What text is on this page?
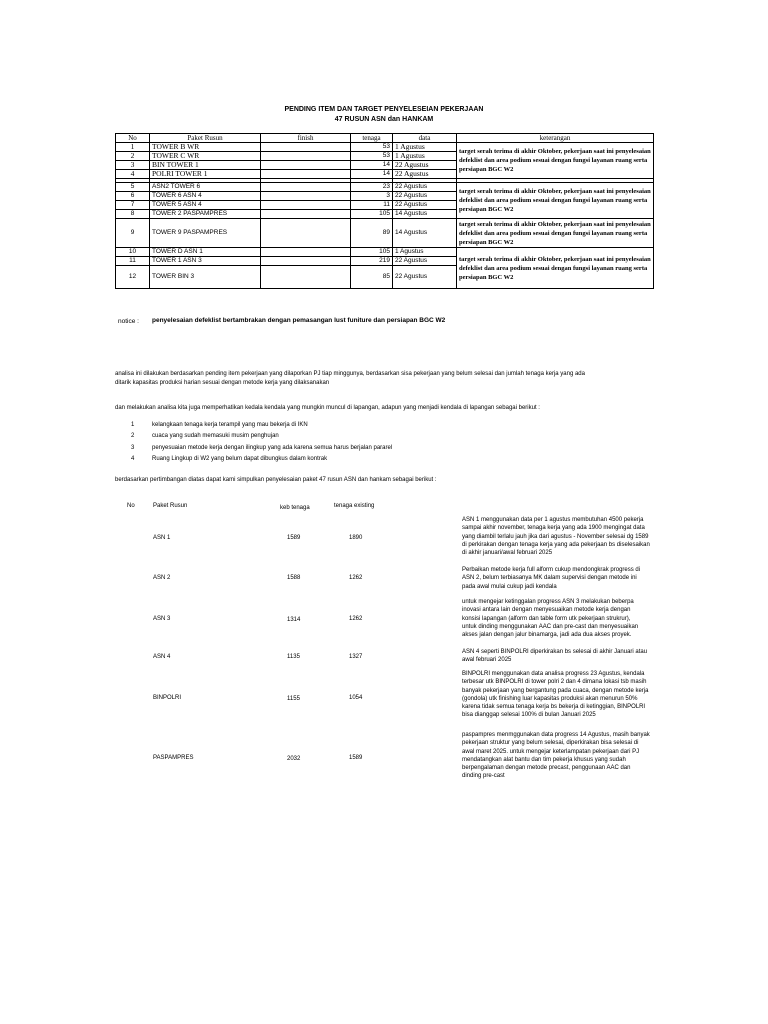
PENDING ITEM DAN TARGET PENYELESEIAN PEKERJAAN
47 RUSUN ASN dan HANKAM
No	Paket Rusun	finish	tenaga	data	keterangan
1	TOWER B WR		53	1 Agustus	target serah terima di akhir Oktober, pekerjaan saat ini penyelesaian defeklist dan area podium sesuai dengan fungsi layanan ruang serta persiapan BGC W2
2	TOWER C WR		53	1 Agustus	
3	BIN TOWER 1		14	22 Agustus	
4	POLRI TOWER 1		14	22 Agustus	

5	ASN2 TOWER 6		23	22 Agustus	target serah terima di akhir Oktober, pekerjaan saat ini penyelesaian defeklist dan area podium sesuai dengan fungsi layanan ruang serta persiapan BGC W2
6	TOWER 6 ASN 4		3	22 Agustus	
7	TOWER 5 ASN 4		11	22 Agustus	
8	TOWER 2 PASPAMPRES		105	14 Agustus	
9	TOWER 9 PASPAMPRES		89	14 Agustus	target serah terima di akhir Oktober, pekerjaan saat ini penyelesaian defeklist dan area podium sesuai dengan fungsi layanan ruang serta persiapan BGC W2
10	TOWER D ASN 1		105	1 Agustus	target serah terima di akhir Oktober, pekerjaan saat ini penyelesaian defeklist dan area podium sesuai dengan fungsi layanan ruang serta persiapan BGC W2
11	TOWER 1 ASN 3		219	22 Agustus	
12	TOWER BIN 3		85	22 Agustus	
notice : penyelesaian defeklist bertambrakan dengan pemasangan lust funiture dan persiapan BGC W2
analisa ini dilakukan berdasarkan pending item pekerjaan yang dilaporkan PJ tiap minggunya, berdasarkan sisa pekerjaan yang belum selesai dan jumlah tenaga kerja yang ada
ditarik kapasitas produksi harian sesuai dengan metode kerja yang dilaksanakan
dan melakukan analisa kita juga memperhatikan kedala kendala yang mungkin muncul di lapangan, adapun yang menjadi kendala di lapangan sebagai berikut :
1	kelangkaan tenaga kerja terampil yang mau bekerja di IKN
2	cuaca yang sudah memasuki musim penghujan
3	penyesuaian metode kerja dengan ilingkup yang ada karena semua harus berjalan pararel
4	Ruang Lingkup di W2 yang belum dapat dibungkus dalam kontrak
berdasarkan pertimbangan diatas dapat kami simpulkan penyelesaian paket 47 rusun ASN dan hankam sebagai berikut :
No	Paket Rusun	keb tenaga	tenaga existing
ASN 1	1589	1890
ASN 1 menggunakan data per 1 agustus membutuhan 4500 pekerja
sampai akhir november, tenaga kerja yang ada 1900 mengingat data
yang diambil terlalu jauh jika dari agustus - November selesai dg 1589
di perkirakan dengan tenaga kerja yang ada pekerjaan bs diselesaikan
di akhir januari/awal februari 2025
ASN 2	1588	1262
Perbaikan metode kerja full alform cukup mendongkrak progress di
ASN 2, belum terbiasanya MK dalam supervisi dengan metode ini
pada awal mulai cukup jadi kendala
ASN 3	1314	1262
untuk mengejar ketinggalan progress ASN 3 melakukan beberpa
inovasi antara lain dengan menyesuaikan metode kerja dengan
konsisi lapangan (alform dan table form utk pekerjaan strukrur),
untuk dinding menggunakan AAC dan pre-cast dan menyesuaikan
akses jalan dengan jalur binamarga, jadi ada dua akses proyek.
ASN 4	1135	1327
ASN 4 seperti BINPOLRI diperkirakan bs selesai di akhir Januari atau
awal februari 2025
BINPOLRI	1155	1054
BINPOLRI menggunakan data analisa progress 23 Agustus, kendala
terbesar utk BINPOLRI di tower polri 2 dan 4 dimana lokasi tsb masih
banyak pekerjaan yang bergantung pada cuaca, dengan metode kerja
(gondola) utk finishing luar kapasitas produksi akan menurun 50%
karena tidak semua tenaga kerja bs bekerja di ketinggian, BINPOLRI
bisa dianggap selesai 100% di bulan Januari 2025
PASPAMPRES	2032	1589
paspampres menmggunakan data progress 14 Agustus, masih banyak
pekerjaan struktur yang belum selesai, diperkirakan bisa selesai di
awal maret 2025. untuk mengejar keterlampatan pekerjaan dari PJ
mendatangkan alat bantu dan tim pekerja khusus yang sudah
berpengalaman dengan metode precast, penggunaan AAC dan
dinding pre-cast
